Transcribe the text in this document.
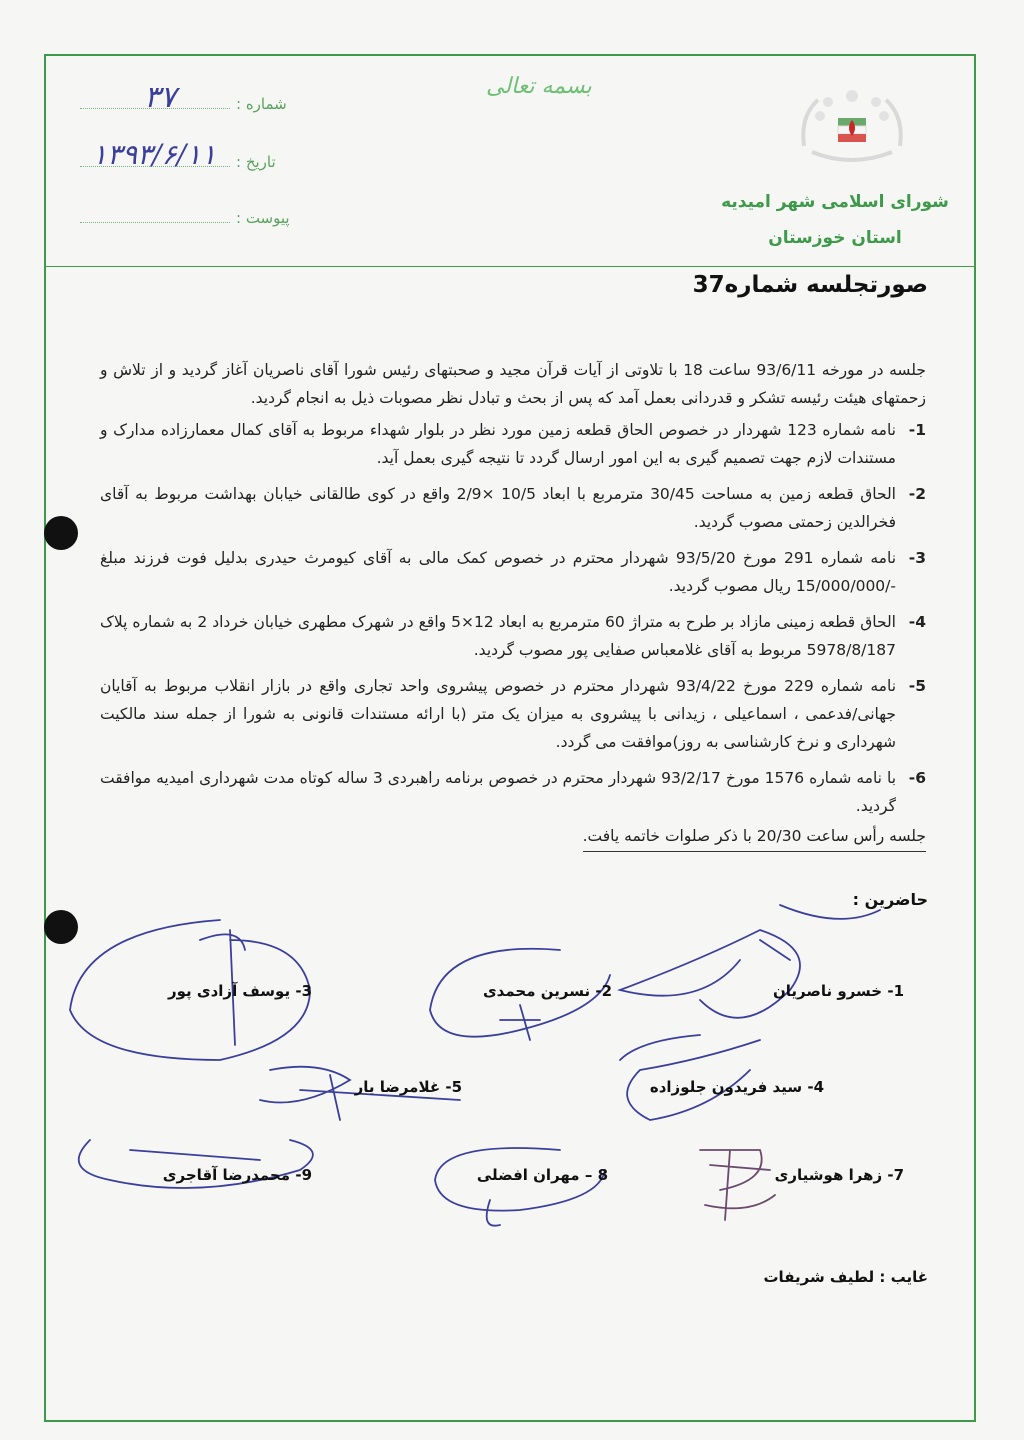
بسمه تعالی
شورای اسلامی شهر امیدیه
استان خوزستان
شماره :
تاریخ :
پیوست :
۳۷
۱۳۹۳/۶/۱۱
صورتجلسه شماره37

جلسه در مورخه 93/6/11 ساعت 18 با تلاوتی از آیات قرآن مجید و صحبتهای رئیس شورا آقای ناصریان آغاز گردید و از تلاش و زحمتهای هیئت رئیسه تشکر و قدردانی بعمل آمد که پس از بحث و تبادل نظر مصوبات ذیل به انجام گردید.

1-
نامه شماره 123 شهردار در خصوص الحاق قطعه زمین مورد نظر در بلوار شهداء مربوط به آقای کمال معمارزاده مدارک و مستندات لازم جهت تصمیم گیری به این امور ارسال گردد تا نتیجه گیری بعمل آید.
2-
الحاق قطعه زمین به مساحت 30/45 مترمربع با ابعاد 10/5 ×2/9 واقع در کوی طالقانی خیابان بهداشت مربوط به آقای فخرالدین زحمتی مصوب گردید.
3-
نامه شماره 291 مورخ 93/5/20 شهردار محترم در خصوص کمک مالی به آقای کیومرث حیدری بدلیل فوت فرزند مبلغ -/15/000/000 ریال مصوب گردید.
4-
الحاق قطعه زمینی مازاد بر طرح به متراژ 60 مترمربع به ابعاد 12×5 واقع در شهرک مطهری خیابان خرداد 2 به شماره پلاک 5978/8/187 مربوط به آقای غلامعباس صفایی پور مصوب گردید.
5-
نامه شماره 229 مورخ 93/4/22 شهردار محترم در خصوص پیشروی واحد تجاری واقع در بازار انقلاب مربوط به آقایان جهانی/فدعمی ، اسماعیلی ، زیدانی با پیشروی به میزان یک متر (با ارائه مستندات قانونی به شورا از جمله سند مالکیت شهرداری و نرخ کارشناسی به روز)موافقت می گردد.
6-
با نامه شماره 1576 مورخ 93/2/17 شهردار محترم در خصوص برنامه راهبردی 3 ساله کوتاه مدت شهرداری امیدیه موافقت گردید.
جلسه رأس ساعت 20/30 با ذکر صلوات خاتمه یافت.
حاضرین :
1- خسرو ناصریان
2- نسرین محمدی
3- یوسف آزادی پور
4- سید فریدون جلوزاده
5- غلامرضا یار
7- زهرا هوشیاری
8 – مهران افضلی
9- محمدرضا آقاجری
غایب : لطیف شریفات
